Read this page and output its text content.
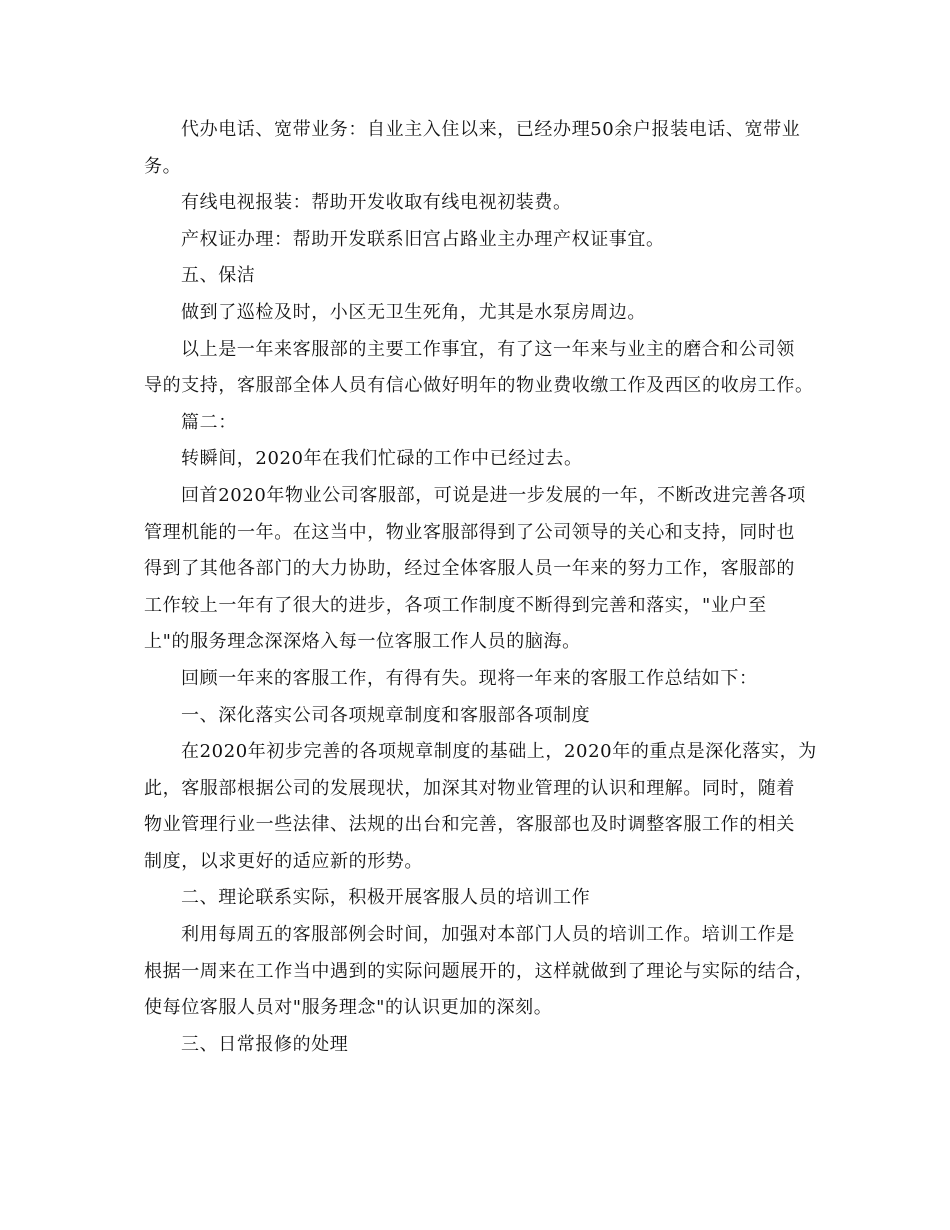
代办电话、宽带业务：自业主入住以来，已经办理50余户报装电话、宽带业
务。
有线电视报装：帮助开发收取有线电视初装费。
产权证办理：帮助开发联系旧宫占路业主办理产权证事宜。
五、保洁
做到了巡检及时，小区无卫生死角，尤其是水泵房周边。
以上是一年来客服部的主要工作事宜，有了这一年来与业主的磨合和公司领
导的支持，客服部全体人员有信心做好明年的物业费收缴工作及西区的收房工作。
篇二：
转瞬间，2020年在我们忙碌的工作中已经过去。
回首2020年物业公司客服部，可说是进一步发展的一年，不断改进完善各项
管理机能的一年。在这当中，物业客服部得到了公司领导的关心和支持，同时也
得到了其他各部门的大力协助，经过全体客服人员一年来的努力工作，客服部的
工作较上一年有了很大的进步，各项工作制度不断得到完善和落实，"业户至
上"的服务理念深深烙入每一位客服工作人员的脑海。
回顾一年来的客服工作，有得有失。现将一年来的客服工作总结如下：
一、深化落实公司各项规章制度和客服部各项制度
在2020年初步完善的各项规章制度的基础上，2020年的重点是深化落实，为
此，客服部根据公司的发展现状，加深其对物业管理的认识和理解。同时，随着
物业管理行业一些法律、法规的出台和完善，客服部也及时调整客服工作的相关
制度，以求更好的适应新的形势。
二、理论联系实际，积极开展客服人员的培训工作
利用每周五的客服部例会时间，加强对本部门人员的培训工作。培训工作是
根据一周来在工作当中遇到的实际问题展开的，这样就做到了理论与实际的结合，
使每位客服人员对"服务理念"的认识更加的深刻。
三、日常报修的处理
